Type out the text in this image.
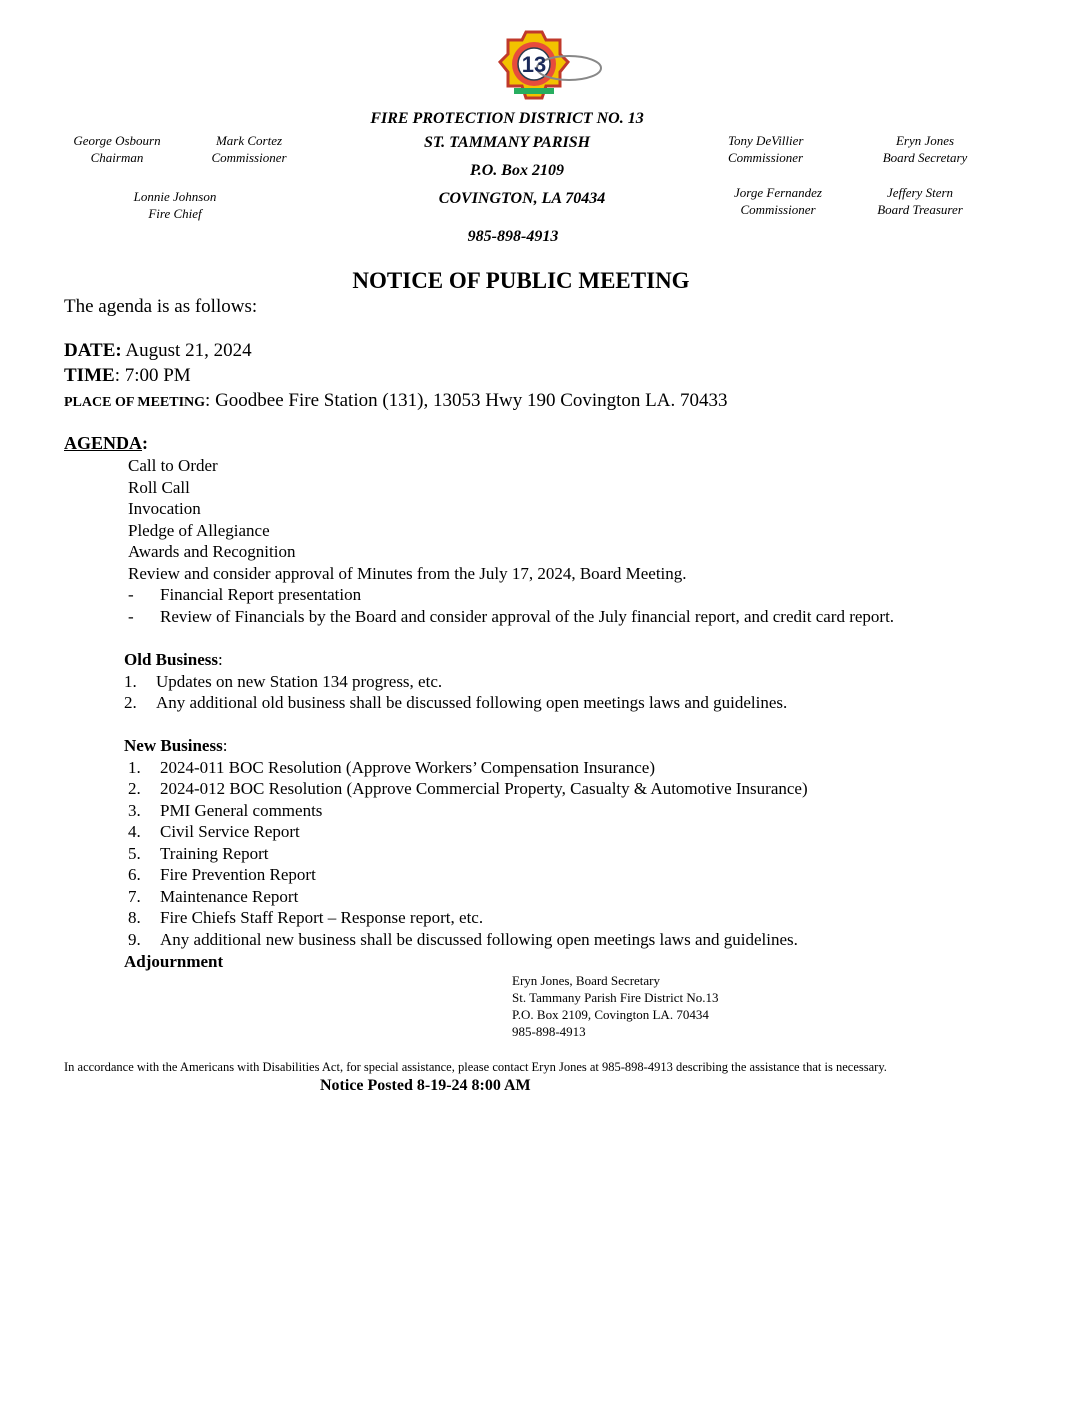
13
FIRE PROTECTION DISTRICT NO. 13
ST. TAMMANY PARISH
P.O. Box 2109
COVINGTON, LA 70434
985-898-4913
George Osbourn
Chairman
Mark Cortez
Commissioner
Lonnie Johnson
Fire Chief
Tony DeVillier
Commissioner
Eryn Jones
Board Secretary
Jorge Fernandez
Commissioner
Jeffery Stern
Board Treasurer
NOTICE OF PUBLIC MEETING
The agenda is as follows:
DATE: August 21, 2024
TIME: 7:00 PM
PLACE OF MEETING: Goodbee Fire Station (131), 13053 Hwy 190 Covington LA. 70433
AGENDA:
Call to Order
Roll Call
Invocation
Pledge of Allegiance
Awards and Recognition
Review and consider approval of Minutes from the July 17, 2024, Board Meeting.
- Financial Report presentation
- Review of Financials by the Board and consider approval of the July financial report, and credit card report.
Old Business:
1. Updates on new Station 134 progress, etc.
2. Any additional old business shall be discussed following open meetings laws and guidelines.
New Business:
1. 2024-011 BOC Resolution (Approve Workers’ Compensation Insurance)
2. 2024-012 BOC Resolution (Approve Commercial Property, Casualty & Automotive Insurance)
3. PMI General comments
4. Civil Service Report
5. Training Report
6. Fire Prevention Report
7. Maintenance Report
8. Fire Chiefs Staff Report – Response report, etc.
9. Any additional new business shall be discussed following open meetings laws and guidelines.
Adjournment
Eryn Jones, Board Secretary
St. Tammany Parish Fire District No.13
P.O. Box 2109, Covington LA. 70434
985-898-4913
In accordance with the Americans with Disabilities Act, for special assistance, please contact Eryn Jones at 985-898-4913 describing the assistance that is necessary.
Notice Posted 8-19-24 8:00 AM
